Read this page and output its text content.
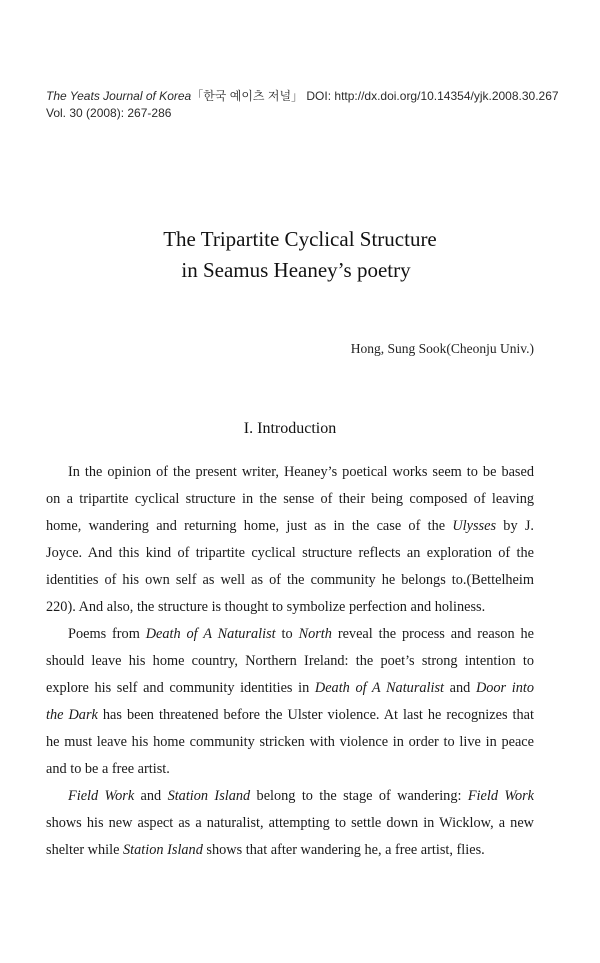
The Yeats Journal of Korea「한국 예이츠 저널」 DOI: http://dx.doi.org/10.14354/yjk.2008.30.267
Vol. 30 (2008): 267-286
The Tripartite Cyclical Structure
in Seamus Heaney’s poetry
Hong, Sung Sook(Cheonju Univ.)
I. Introduction
In the opinion of the present writer, Heaney’s poetical works seem to be based
on a tripartite cyclical structure in the sense of their being composed of leaving
home, wandering and returning home, just as in the case of the Ulysses by J.
Joyce. And this kind of tripartite cyclical structure reflects an exploration of the
identities of his own self as well as of the community he belongs to.(Bettelheim
220). And also, the structure is thought to symbolize perfection and holiness.
Poems from Death of A Naturalist to North reveal the process and reason he
should leave his home country, Northern Ireland: the poet’s strong intention to
explore his self and community identities in Death of A Naturalist and Door into
the Dark has been threatened before the Ulster violence. At last he recognizes that
he must leave his home community stricken with violence in order to live in peace
and to be a free artist.
Field Work and Station Island belong to the stage of wandering: Field Work
shows his new aspect as a naturalist, attempting to settle down in Wicklow, a new
shelter while Station Island shows that after wandering he, a free artist, flies.
